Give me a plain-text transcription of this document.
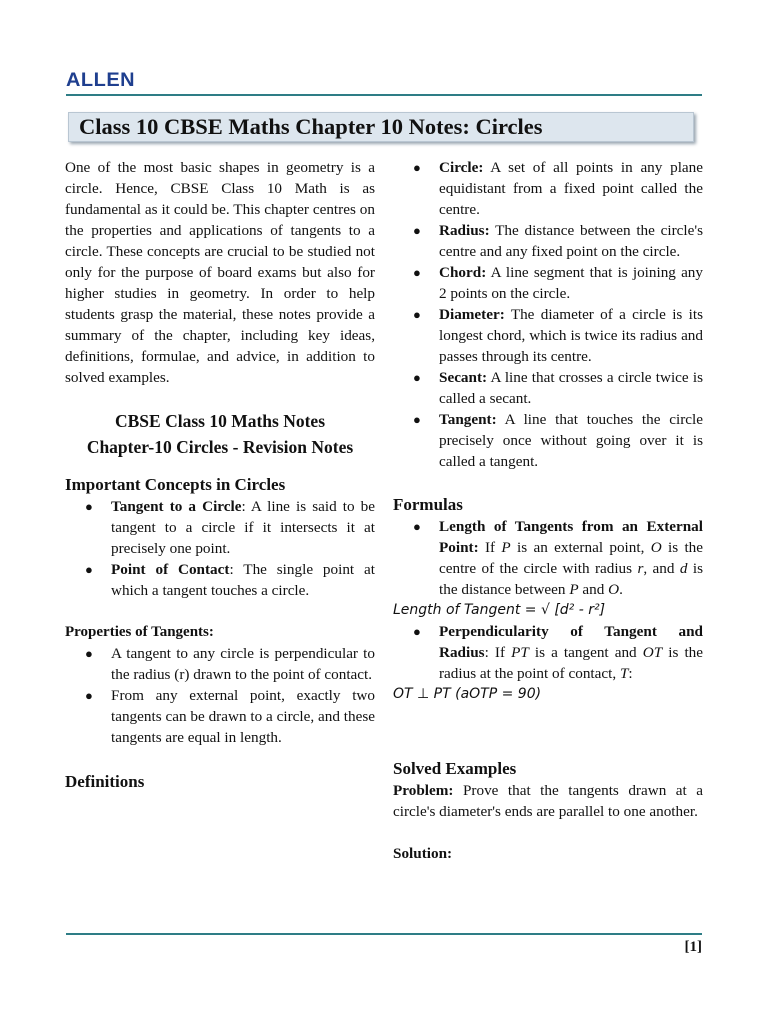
ALLEN
Class 10 CBSE Maths Chapter 10 Notes: Circles

One of the most basic shapes in geometry is a circle. Hence, CBSE Class 10 Math is as fundamental as it could be. This chapter centres on the properties and applications of tangents to a circle. These concepts are crucial to be studied not only for the purpose of board exams but also for higher studies in geometry. In order to help students grasp the material, these notes provide a summary of the chapter, including key ideas, definitions, formulae, and advice, in addition to solved examples.

CBSE Class 10 Maths Notes Chapter-10 Circles - Revision Notes
Important Concepts in Circles
● Tangent to a Circle: A line is said to be tangent to a circle if it intersects it at precisely one point.
● Point of Contact: The single point at which a tangent touches a circle.
Properties of Tangents:
● A tangent to any circle is perpendicular to the radius (r) drawn to the point of contact.
● From any external point, exactly two tangents can be drawn to a circle, and these tangents are equal in length.
Definitions
● Circle: A set of all points in any plane equidistant from a fixed point called the centre.
● Radius: The distance between the circle's centre and any fixed point on the circle.
● Chord: A line segment that is joining any 2 points on the circle.
● Diameter: The diameter of a circle is its longest chord, which is twice its radius and passes through its centre.
● Secant: A line that crosses a circle twice is called a secant.
● Tangent: A line that touches the circle precisely once without going over it is called a tangent.
Formulas
● Length of Tangents from an External Point: If P is an external point, O is the centre of the circle with radius r, and d is the distance between P and O.
Length of Tangent = √ [d² - r²]
● Perpendicularity of Tangent and Radius: If PT is a tangent and OT is the radius at the point of contact, T:
OT ⊥ PT (aOTP = 90)
Solved Examples

Problem: Prove that the tangents drawn at a circle's diameter's ends are parallel to one another.

Solution:

[1]
